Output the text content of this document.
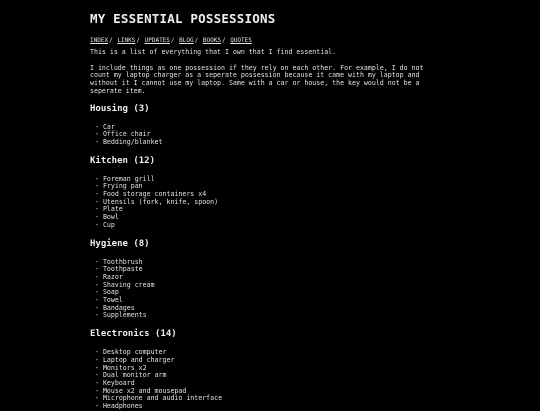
MY ESSENTIAL POSSESSIONS
INDEX/ LINKS/ UPDATES/ BLOG/ BOOKS/ QUOTES

This is a list of everything that I own that I find essential.

I include things as one possession if they rely on each other. For example, I do not count my laptop charger as a seperate possession because it came with my laptop and without it I cannot use my laptop. Same with a car or house, the key would not be a seperate item.

Housing (3)
- Car
- Office chair
- Bedding/blanket
Kitchen (12)
- Foreman grill
- Frying pan
- Food storage containers x4
- Utensils (fork, knife, spoon)
- Plate
- Bowl
- Cup
Hygiene (8)
- Toothbrush
- Toothpaste
- Razor
- Shaving cream
- Soap
- Towel
- Bandages
- Supplements
Electronics (14)
- Desktop computer
- Laptop and charger
- Monitors x2
- Dual monitor arm
- Keyboard
- Mouse x2 and mousepad
- Microphone and audio interface
- Headphones
